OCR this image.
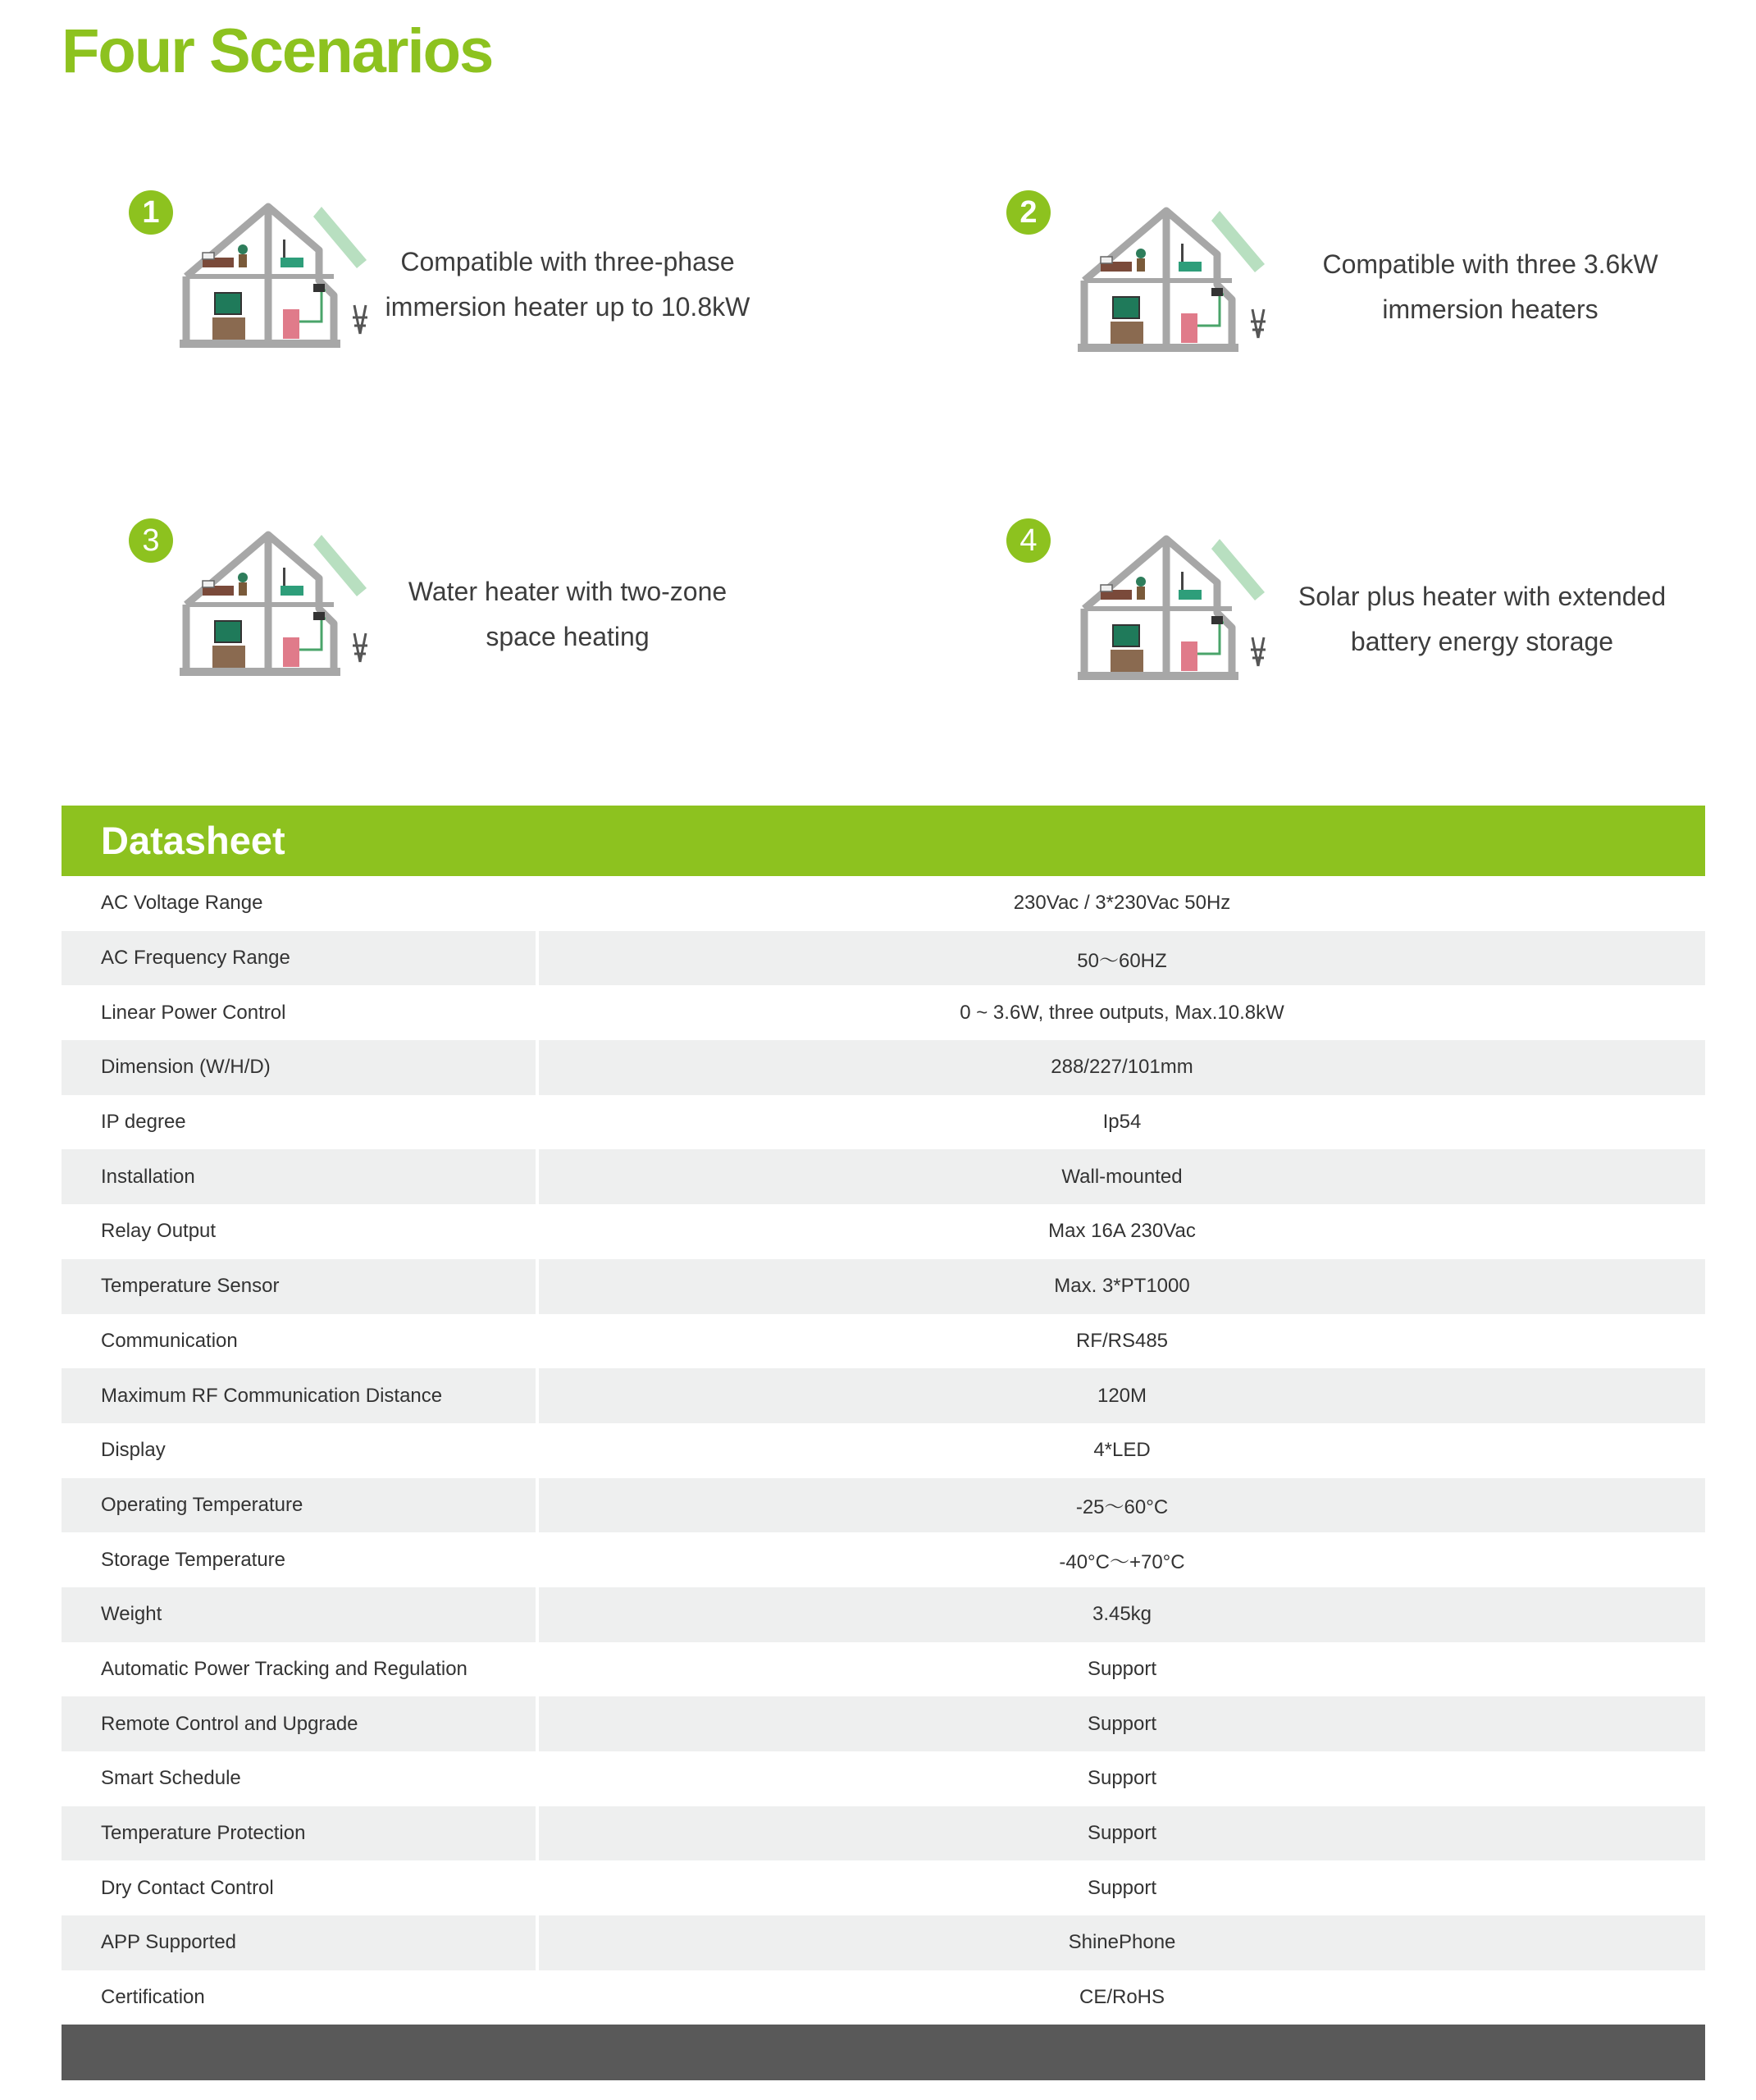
Four Scenarios
1
Compatible with three-phase
immersion heater up to 10.8kW
2
Compatible with three 3.6kW
immersion heaters
3
Water heater with two-zone
space heating
4
Solar plus heater with extended
battery energy storage
Datasheet
AC Voltage Range	230Vac / 3*230Vac 50Hz
AC Frequency Range	50～60HZ
Linear Power Control	0 ~ 3.6W, three outputs, Max.10.8kW
Dimension (W/H/D)	288/227/101mm
IP degree	Ip54
Installation	Wall-mounted
Relay Output	Max 16A 230Vac
Temperature Sensor	Max. 3*PT1000
Communication	RF/RS485
Maximum RF Communication Distance	120M
Display	4*LED
Operating Temperature	-25～60°C
Storage Temperature	-40°C～+70°C
Weight	3.45kg
Automatic Power Tracking and Regulation	Support
Remote Control and Upgrade	Support
Smart Schedule	Support
Temperature Protection	Support
Dry Contact Control	Support
APP Supported	ShinePhone
Certification	CE/RoHS
